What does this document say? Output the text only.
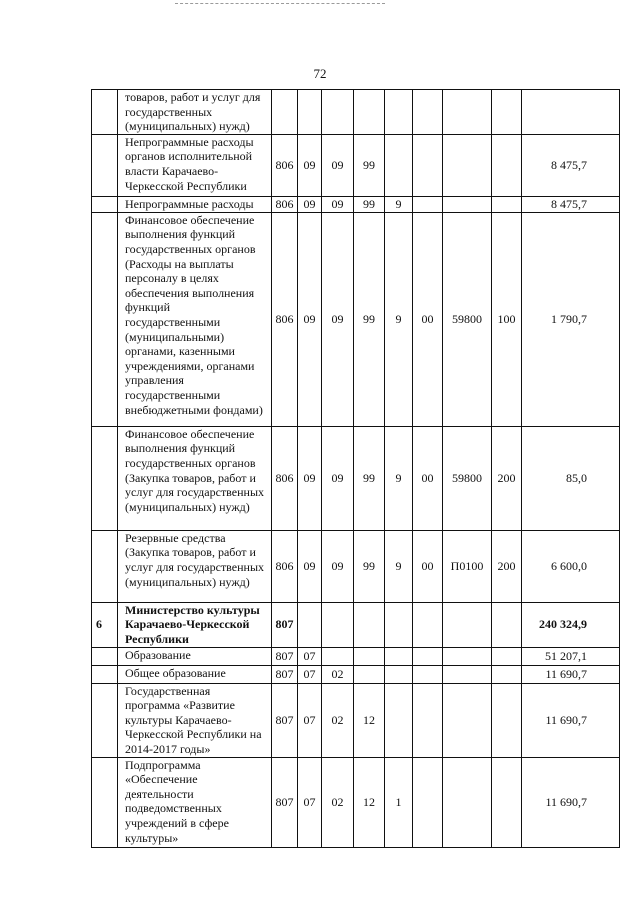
72
	товаров, работ и услуг для государственных (муниципальных) нужд)									
	Непрограммные расходы органов исполнительной власти Карачаево-Черкесской Республики	806	09	09	99					8 475,7
	Непрограммные расходы	806	09	09	99	9				8 475,7
	Финансовое обеспечение выполнения функций государственных органов (Расходы на выплаты персоналу в целях обеспечения выполнения функций государственными (муниципальными) органами, казенными учреждениями, органами управления государственными внебюджетными фондами)	806	09	09	99	9	00	59800	100	1 790,7
	Финансовое обеспечение выполнения функций государственных органов (Закупка товаров, работ и услуг для государственных (муниципальных) нужд)	806	09	09	99	9	00	59800	200	85,0
	Резервные средства (Закупка товаров, работ и услуг для государственных (муниципальных) нужд)	806	09	09	99	9	00	П0100	200	6 600,0
6	Министерство культуры Карачаево-Черкесской Республики	807								240 324,9
	Образование	807	07							51 207,1
	Общее образование	807	07	02						11 690,7
	Государственная программа «Развитие культуры Карачаево-Черкесской Республики на 2014-2017 годы»	807	07	02	12					11 690,7
	Подпрограмма «Обеспечение деятельности подведомственных учреждений в сфере культуры»	807	07	02	12	1				11 690,7
